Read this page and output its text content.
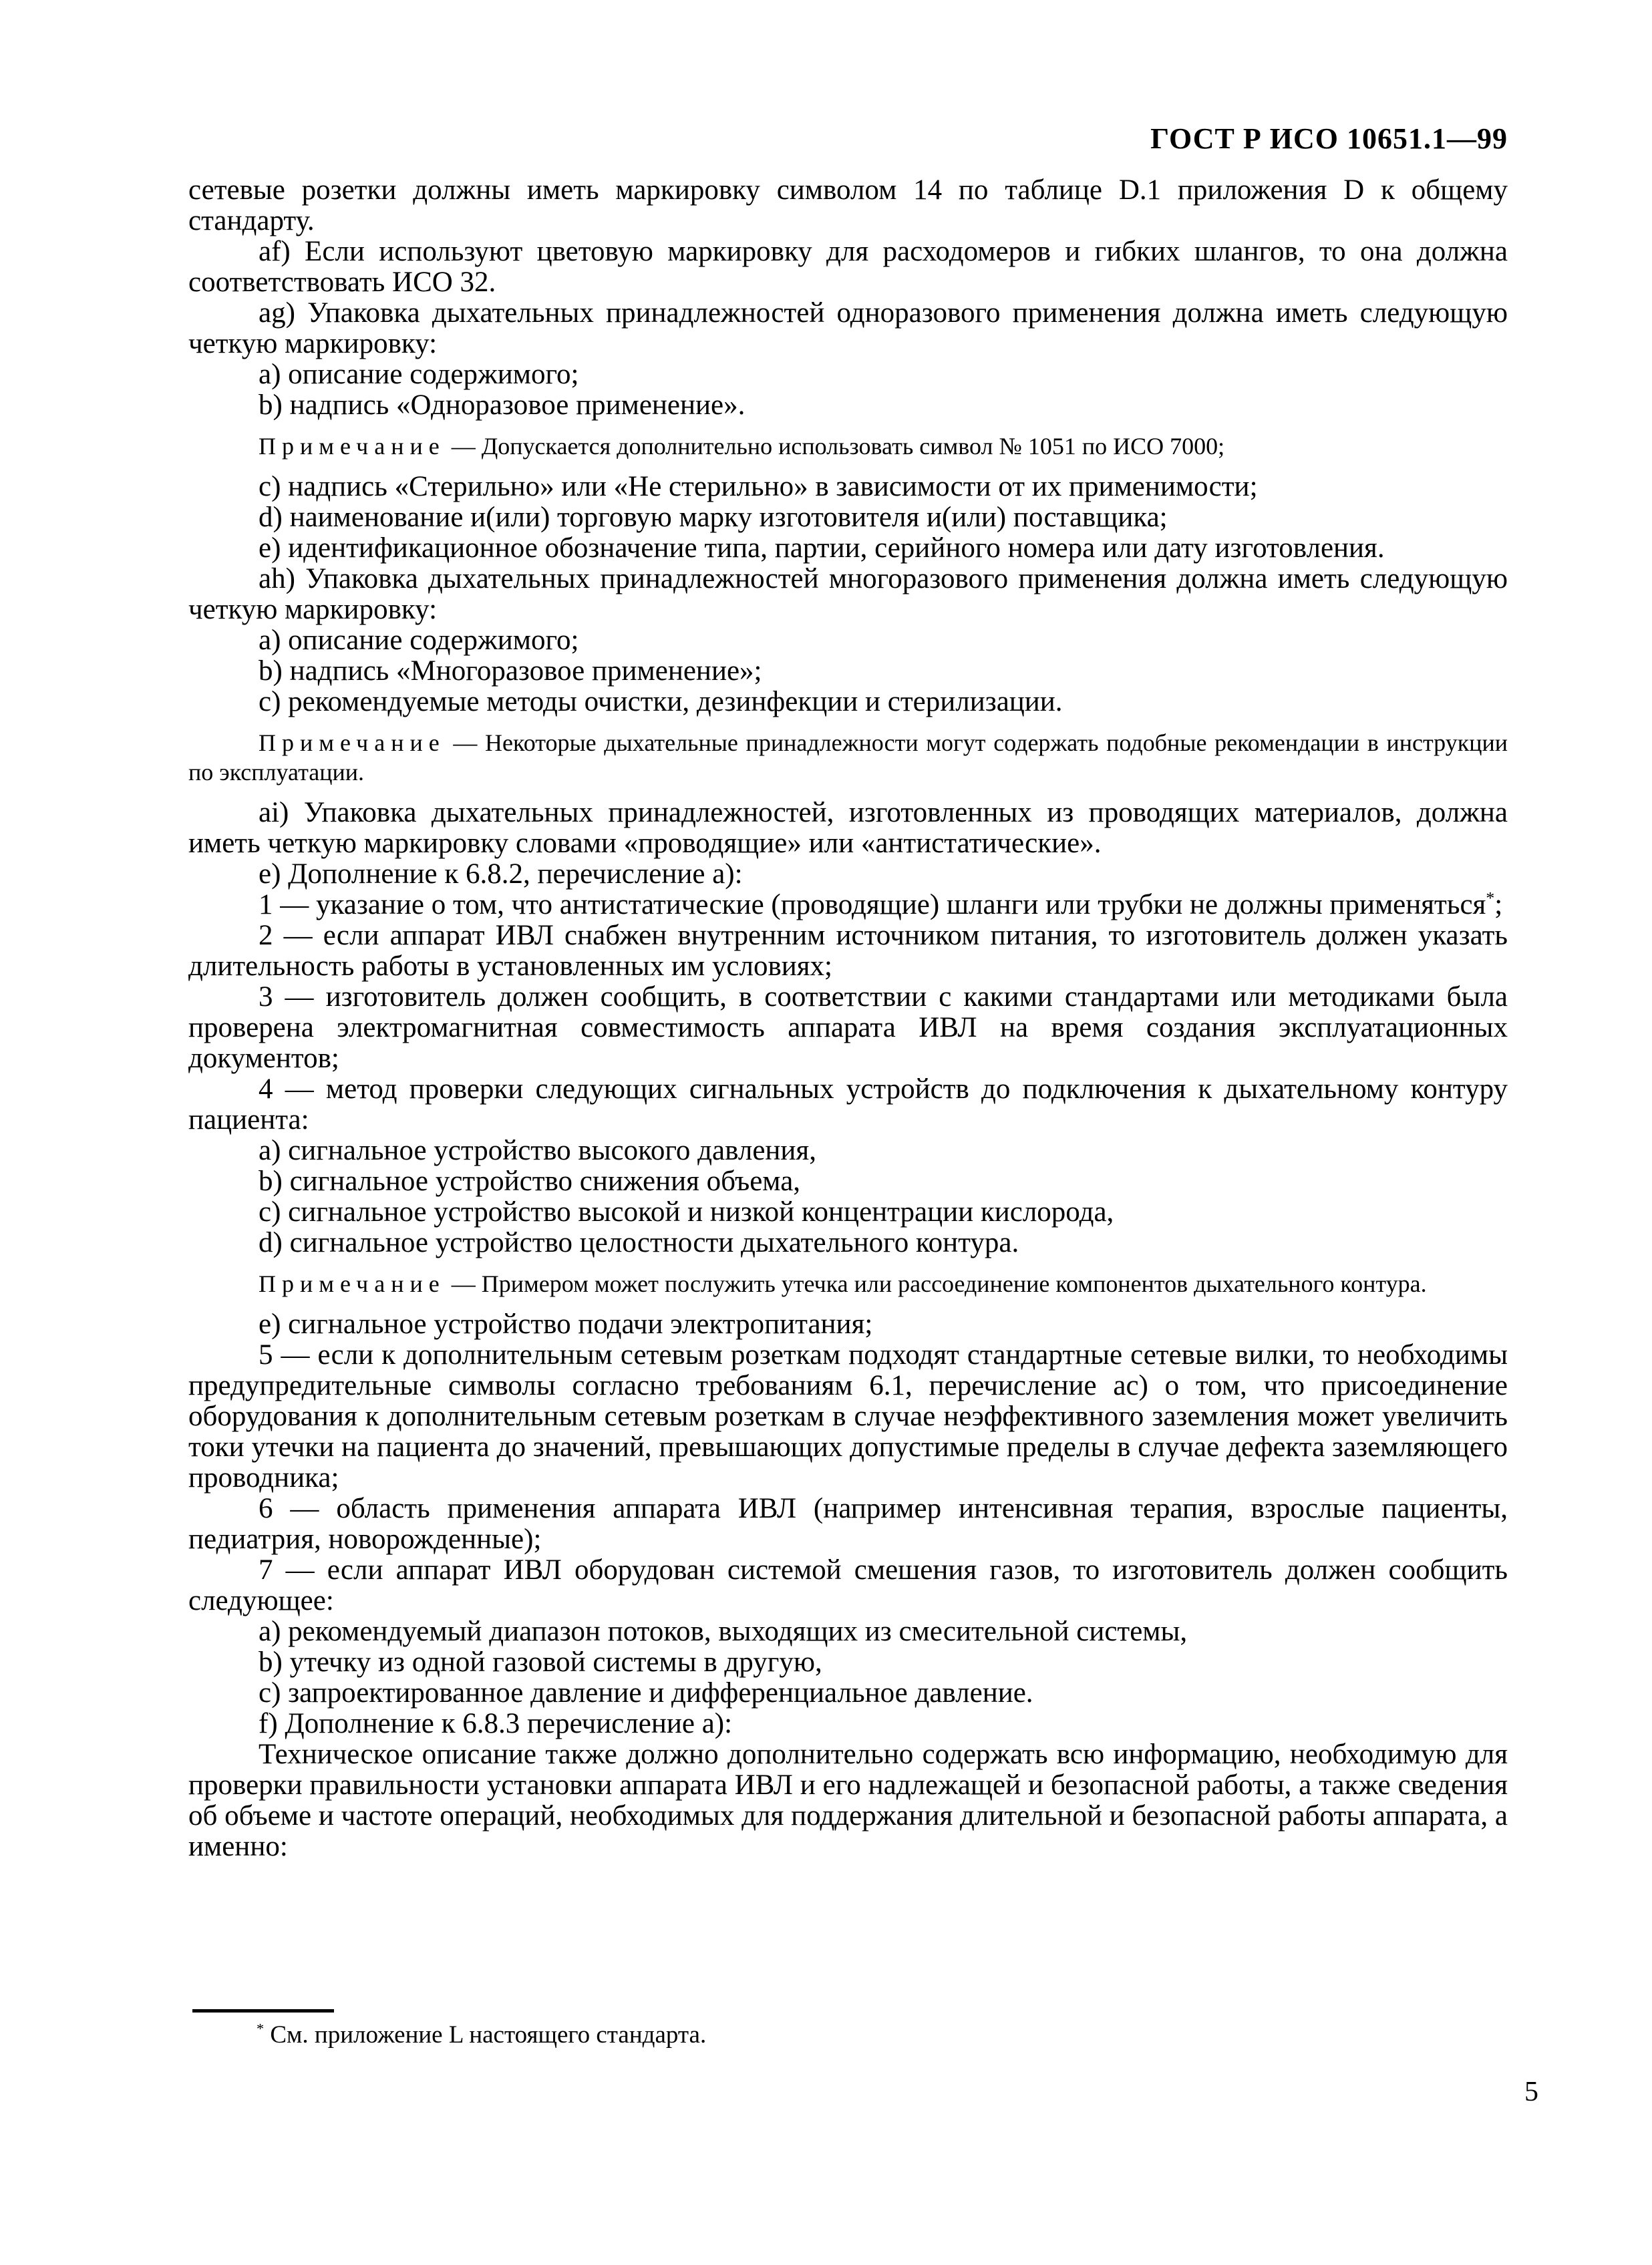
ГОСТ Р ИСО 10651.1—99

сетевые розетки должны иметь маркировку символом 14 по таблице D.1 приложения D к общему стандарту.

af) Если используют цветовую маркировку для расходомеров и гибких шлангов, то она должна соответствовать ИСО 32.

ag) Упаковка дыхательных принадлежностей одноразового применения должна иметь следующую четкую маркировку:

a) описание содержимого;

b) надпись «Одноразовое применение».

Примечание — Допускается дополнительно использовать символ № 1051 по ИСО 7000;

c) надпись «Стерильно» или «Не стерильно» в зависимости от их применимости;

d) наименование и(или) торговую марку изготовителя и(или) поставщика;

e) идентификационное обозначение типа, партии, серийного номера или дату изготовления.

ah) Упаковка дыхательных принадлежностей многоразового применения должна иметь следующую четкую маркировку:

a) описание содержимого;

b) надпись «Многоразовое применение»;

c) рекомендуемые методы очистки, дезинфекции и стерилизации.

Примечание — Некоторые дыхательные принадлежности могут содержать подобные рекомендации в инструкции по эксплуатации.

ai) Упаковка дыхательных принадлежностей, изготовленных из проводящих материалов, должна иметь четкую маркировку словами «проводящие» или «антистатические».

e) Дополнение к 6.8.2, перечисление a):

1 — указание о том, что антистатические (проводящие) шланги или трубки не должны применяться*;

2 — если аппарат ИВЛ снабжен внутренним источником питания, то изготовитель должен указать длительность работы в установленных им условиях;

3 — изготовитель должен сообщить, в соответствии с какими стандартами или методиками была проверена электромагнитная совместимость аппарата ИВЛ на время создания эксплуатационных документов;

4 — метод проверки следующих сигнальных устройств до подключения к дыхательному контуру пациента:

a) сигнальное устройство высокого давления,

b) сигнальное устройство снижения объема,

c) сигнальное устройство высокой и низкой концентрации кислорода,

d) сигнальное устройство целостности дыхательного контура.

Примечание — Примером может послужить утечка или рассоединение компонентов дыхательного контура.

e) сигнальное устройство подачи электропитания;

5 — если к дополнительным сетевым розеткам подходят стандартные сетевые вилки, то необходимы предупредительные символы согласно требованиям 6.1, перечисление ac) о том, что присоединение оборудования к дополнительным сетевым розеткам в случае неэффективного заземления может увеличить токи утечки на пациента до значений, превышающих допустимые пределы в случае дефекта заземляющего проводника;

6 — область применения аппарата ИВЛ (например интенсивная терапия, взрослые пациенты, педиатрия, новорожденные);

7 — если аппарат ИВЛ оборудован системой смешения газов, то изготовитель должен сообщить следующее:

a) рекомендуемый диапазон потоков, выходящих из смесительной системы,

b) утечку из одной газовой системы в другую,

c) запроектированное давление и дифференциальное давление.

f) Дополнение к 6.8.3 перечисление a):

Техническое описание также должно дополнительно содержать всю информацию, необходимую для проверки правильности установки аппарата ИВЛ и его надлежащей и безопасной работы, а также сведения об объеме и частоте операций, необходимых для поддержания длительной и безопасной работы аппарата, а именно:

* См. приложение L настоящего стандарта.

5
